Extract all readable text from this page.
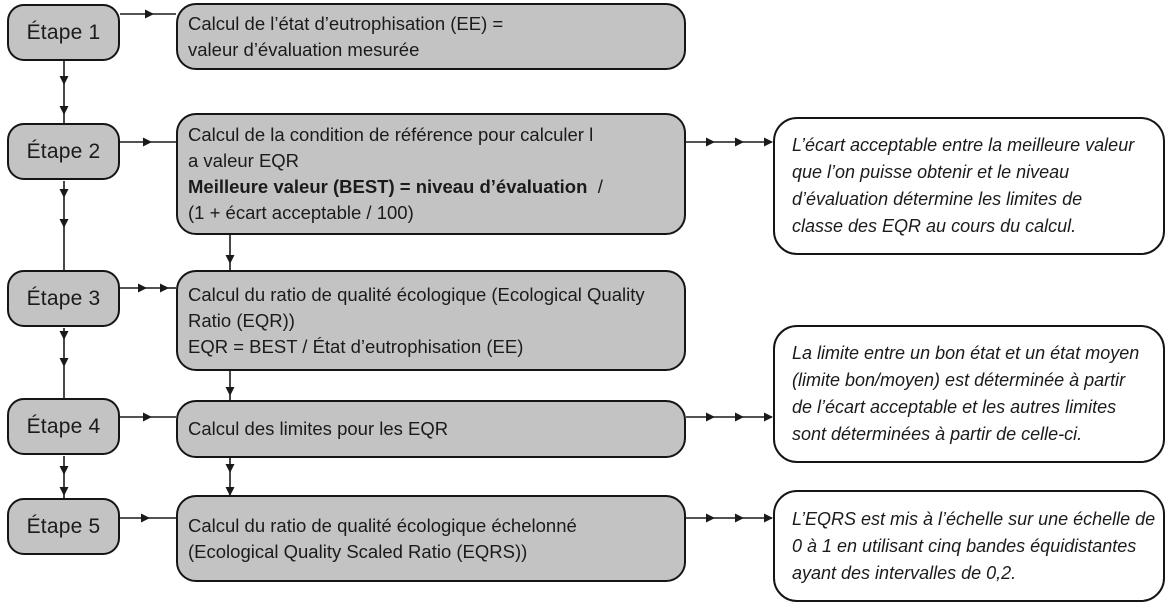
Étape 1
Étape 2
Étape 3
Étape 4
Étape 5
Calcul de l’état d’eutrophisation (EE) =
valeur d’évaluation mesurée
Calcul de la condition de référence pour calculer l
a valeur EQR
Meilleure valeur (BEST) = niveau d’évaluation  /
(1 + écart acceptable / 100)
Calcul du ratio de qualité écologique (Ecological Quality
Ratio (EQR))
EQR = BEST / État d’eutrophisation (EE)
Calcul des limites pour les EQR
Calcul du ratio de qualité écologique échelonné
(Ecological Quality Scaled Ratio (EQRS))
L’écart acceptable entre la meilleure valeur
que l’on puisse obtenir et le niveau
d’évaluation détermine les limites de
classe des EQR au cours du calcul.
La limite entre un bon état et un état moyen
(limite bon/moyen) est déterminée à partir
de l’écart acceptable et les autres limites
sont déterminées à partir de celle-ci.
L’EQRS est mis à l’échelle sur une échelle de
0 à 1 en utilisant cinq bandes équidistantes
ayant des intervalles de 0,2.
